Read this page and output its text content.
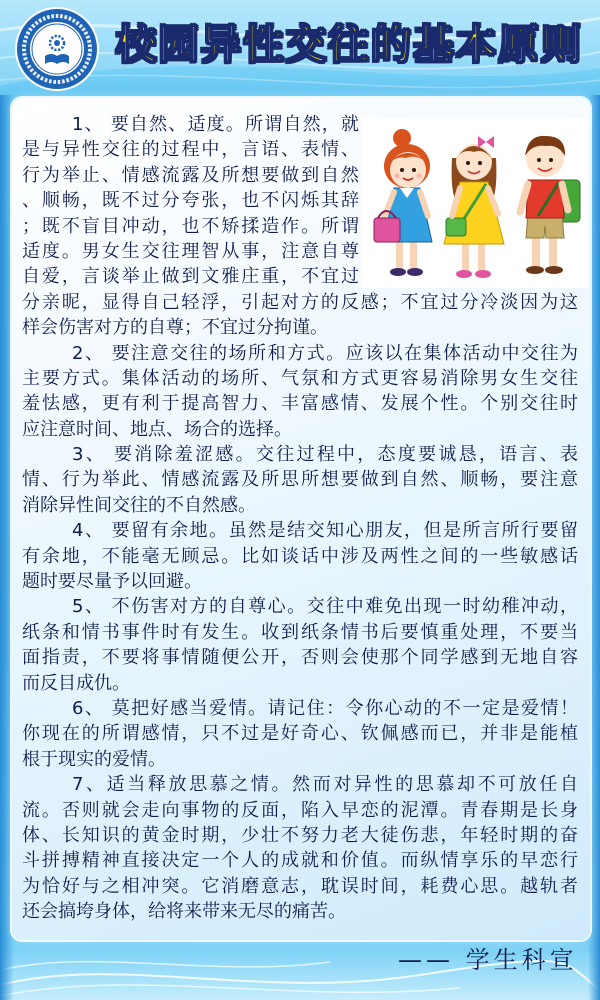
校园异性交往的基本原则
1、 要自然、适度。所谓自然，就
是与异性交往的过程中，言语、表情、
行为举止、情感流露及所想要做到自然
、顺畅，既不过分夸张，也不闪烁其辞
；既不盲目冲动，也不矫揉造作。所谓
适度。男女生交往理智从事，注意自尊
自爱，言谈举止做到文雅庄重，不宜过
分亲昵，显得自己轻浮，引起对方的反感；不宜过分冷淡因为这
样会伤害对方的自尊；不宜过分拘谨。
2、 要注意交往的场所和方式。应该以在集体活动中交往为
主要方式。集体活动的场所、气氛和方式更容易消除男女生交往
羞怯感，更有利于提高智力、丰富感情、发展个性。个别交往时
应注意时间、地点、场合的选择。
3、 要消除羞涩感。交往过程中，态度要诚恳，语言、表
情、行为举此、情感流露及所思所想要做到自然、顺畅，要注意
消除异性间交往的不自然感。
4、 要留有余地。虽然是结交知心朋友，但是所言所行要留
有余地，不能毫无顾忌。比如谈话中涉及两性之间的一些敏感话
题时要尽量予以回避。
5、 不伤害对方的自尊心。交往中难免出现一时幼稚冲动，
纸条和情书事件时有发生。收到纸条情书后要慎重处理，不要当
面指责，不要将事情随便公开，否则会使那个同学感到无地自容
而反目成仇。
6、 莫把好感当爱情。请记住：令你心动的不一定是爱情！
你现在的所谓感情，只不过是好奇心、钦佩感而已，并非是能植
根于现实的爱情。
7、适当释放思慕之情。然而对异性的思慕却不可放任自
流。否则就会走向事物的反面，陷入早恋的泥潭。青春期是长身
体、长知识的黄金时期，少壮不努力老大徒伤悲，年轻时期的奋
斗拼搏精神直接决定一个人的成就和价值。而纵情享乐的早恋行
为恰好与之相冲突。它消磨意志，耽误时间，耗费心思。越轨者
还会搞垮身体，给将来带来无尽的痛苦。
—— 学生科宣
